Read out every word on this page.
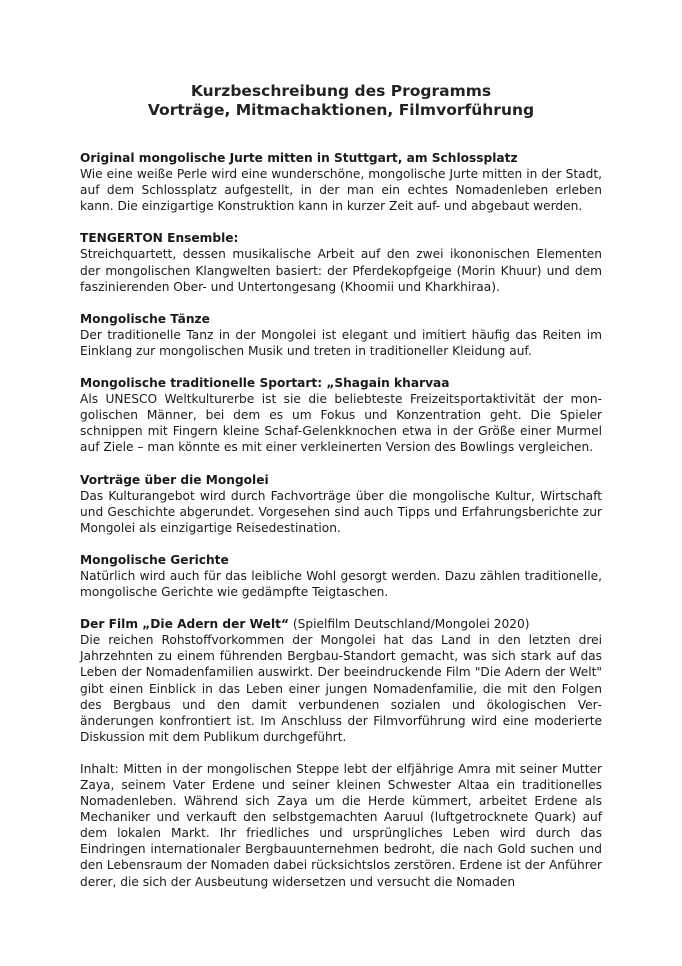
Kurzbeschreibung des Programms
Vorträge, Mitmachaktionen, Filmvorführung
Original mongolische Jurte mitten in Stuttgart, am Schlossplatz
Wie eine weiße Perle wird eine wunderschöne, mongolische Jurte mitten in der Stadt, auf dem Schlossplatz aufgestellt, in der man ein echtes Nomadenleben erleben kann. Die einzigartige Konstruktion kann in kurzer Zeit auf- und abgebaut werden.
TENGERTON Ensemble:
Streichquartett, dessen musikalische Arbeit auf den zwei ikononischen Elementen der mongolischen Klangwelten basiert: der Pferdekopfgeige (Morin Khuur) und dem faszinierenden Ober- und Untertongesang (Khoomii und Kharkhiraa).
Mongolische Tänze
Der traditionelle Tanz in der Mongolei ist elegant und imitiert häufig das Reiten im Einklang zur mongolischen Musik und treten in traditioneller Kleidung auf.
Mongolische traditionelle Sportart: „Shagain kharvaa
Als UNESCO Weltkulturerbe ist sie die beliebteste Freizeitsportaktivität der mongolischen Männer, bei dem es um Fokus und Konzentration geht. Die Spieler schnippen mit Fingern kleine Schaf-Gelenkknochen etwa in der Größe einer Murmel auf Ziele – man könnte es mit einer verkleinerten Version des Bowlings vergleichen.
Vorträge über die Mongolei
Das Kulturangebot wird durch Fachvorträge über die mongolische Kultur, Wirtschaft und Geschichte abgerundet. Vorgesehen sind auch Tipps und Erfahrungsberichte zur Mongolei als einzigartige Reisedestination.
Mongolische Gerichte
Natürlich wird auch für das leibliche Wohl gesorgt werden. Dazu zählen traditionelle, mongolische Gerichte wie gedämpfte Teigtaschen.
Der Film „Die Adern der Welt“ (Spielfilm Deutschland/Mongolei 2020)
Die reichen Rohstoffvorkommen der Mongolei hat das Land in den letzten drei Jahrzehnten zu einem führenden Bergbau-Standort gemacht, was sich stark auf das Leben der Nomadenfamilien auswirkt. Der beeindruckende Film "Die Adern der Welt" gibt einen Einblick in das Leben einer jungen Nomadenfamilie, die mit den Folgen des Bergbaus und den damit verbundenen sozialen und ökologischen Veränderungen konfrontiert ist. Im Anschluss der Filmvorführung wird eine moderierte Diskussion mit dem Publikum durchgeführt.
Inhalt: Mitten in der mongolischen Steppe lebt der elfjährige Amra mit seiner Mutter Zaya, seinem Vater Erdene und seiner kleinen Schwester Altaa ein traditionelles Nomadenleben. Während sich Zaya um die Herde kümmert, arbeitet Erdene als Mechaniker und verkauft den selbstgemachten Aaruul (luftgetrocknete Quark) auf dem lokalen Markt. Ihr friedliches und ursprüngliches Leben wird durch das Eindringen internationaler Bergbauunternehmen bedroht, die nach Gold suchen und den Lebensraum der Nomaden dabei rücksichtslos zerstören. Erdene ist der Anführer derer, die sich der Ausbeutung widersetzen und versucht die Nomaden
